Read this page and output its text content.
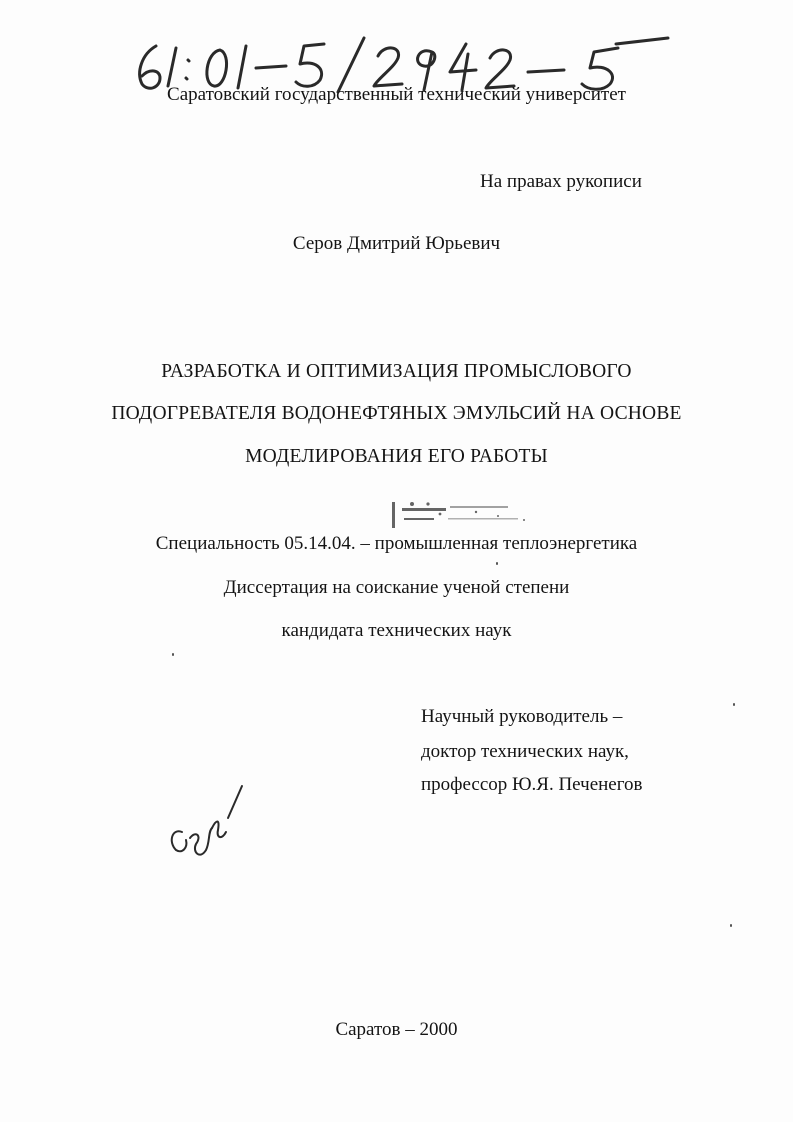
Саратовский государственный технический университет
На правах рукописи
Серов Дмитрий Юрьевич
РАЗРАБОТКА И ОПТИМИЗАЦИЯ ПРОМЫСЛОВОГО
ПОДОГРЕВАТЕЛЯ ВОДОНЕФТЯНЫХ ЭМУЛЬСИЙ НА ОСНОВЕ
МОДЕЛИРОВАНИЯ ЕГО РАБОТЫ
Специальность 05.14.04. – промышленная теплоэнергетика
Диссертация на соискание ученой степени
кандидата технических наук
Научный руководитель –
доктор технических наук,
профессор Ю.Я. Печенегов
Саратов – 2000
